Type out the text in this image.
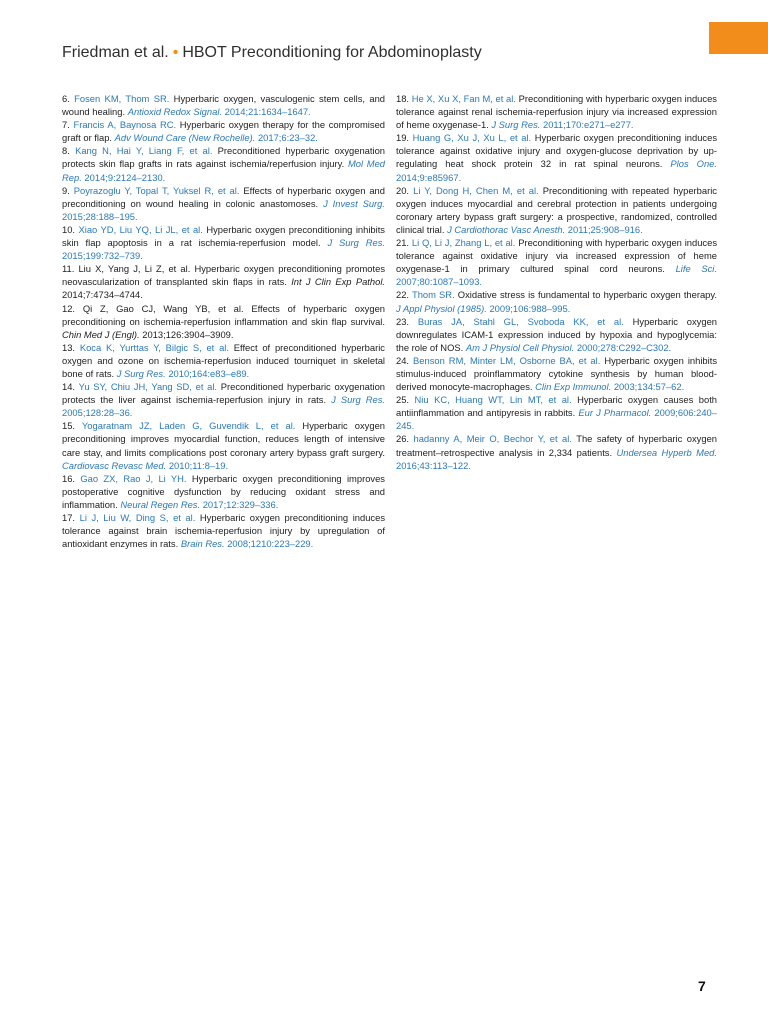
Friedman et al. • HBOT Preconditioning for Abdominoplasty

6. Fosen KM, Thom SR. Hyperbaric oxygen, vasculogenic stem cells, and wound healing. Antioxid Redox Signal. 2014;21:1634–1647.

7. Francis A, Baynosa RC. Hyperbaric oxygen therapy for the compromised graft or flap. Adv Wound Care (New Rochelle). 2017;6:23–32.

8. Kang N, Hai Y, Liang F, et al. Preconditioned hyperbaric oxygenation protects skin flap grafts in rats against ischemia/reperfusion injury. Mol Med Rep. 2014;9:2124–2130.

9. Poyrazoglu Y, Topal T, Yuksel R, et al. Effects of hyperbaric oxygen and preconditioning on wound healing in colonic anastomoses. J Invest Surg. 2015;28:188–195.

10. Xiao YD, Liu YQ, Li JL, et al. Hyperbaric oxygen preconditioning inhibits skin flap apoptosis in a rat ischemia-reperfusion model. J Surg Res. 2015;199:732–739.

11. Liu X, Yang J, Li Z, et al. Hyperbaric oxygen preconditioning promotes neovascularization of transplanted skin flaps in rats. Int J Clin Exp Pathol. 2014;7:4734–4744.

12. Qi Z, Gao CJ, Wang YB, et al. Effects of hyperbaric oxygen preconditioning on ischemia-reperfusion inflammation and skin flap survival. Chin Med J (Engl). 2013;126:3904–3909.

13. Koca K, Yurttas Y, Bilgic S, et al. Effect of preconditioned hyperbaric oxygen and ozone on ischemia-reperfusion induced tourniquet in skeletal bone of rats. J Surg Res. 2010;164:e83–e89.

14. Yu SY, Chiu JH, Yang SD, et al. Preconditioned hyperbaric oxygenation protects the liver against ischemia-reperfusion injury in rats. J Surg Res. 2005;128:28–36.

15. Yogaratnam JZ, Laden G, Guvendik L, et al. Hyperbaric oxygen preconditioning improves myocardial function, reduces length of intensive care stay, and limits complications post coronary artery bypass graft surgery. Cardiovasc Revasc Med. 2010;11:8–19.

16. Gao ZX, Rao J, Li YH. Hyperbaric oxygen preconditioning improves postoperative cognitive dysfunction by reducing oxidant stress and inflammation. Neural Regen Res. 2017;12:329–336.

17. Li J, Liu W, Ding S, et al. Hyperbaric oxygen preconditioning induces tolerance against brain ischemia-reperfusion injury by upregulation of antioxidant enzymes in rats. Brain Res. 2008;1210:223–229.

18. He X, Xu X, Fan M, et al. Preconditioning with hyperbaric oxygen induces tolerance against renal ischemia-reperfusion injury via increased expression of heme oxygenase-1. J Surg Res. 2011;170:e271–e277.

19. Huang G, Xu J, Xu L, et al. Hyperbaric oxygen preconditioning induces tolerance against oxidative injury and oxygen-glucose deprivation by up-regulating heat shock protein 32 in rat spinal neurons. Plos One. 2014;9:e85967.

20. Li Y, Dong H, Chen M, et al. Preconditioning with repeated hyperbaric oxygen induces myocardial and cerebral protection in patients undergoing coronary artery bypass graft surgery: a prospective, randomized, controlled clinical trial. J Cardiothorac Vasc Anesth. 2011;25:908–916.

21. Li Q, Li J, Zhang L, et al. Preconditioning with hyperbaric oxygen induces tolerance against oxidative injury via increased expression of heme oxygenase-1 in primary cultured spinal cord neurons. Life Sci. 2007;80:1087–1093.

22. Thom SR. Oxidative stress is fundamental to hyperbaric oxygen therapy. J Appl Physiol (1985). 2009;106:988–995.

23. Buras JA, Stahl GL, Svoboda KK, et al. Hyperbaric oxygen downregulates ICAM-1 expression induced by hypoxia and hypoglycemia: the role of NOS. Am J Physiol Cell Physiol. 2000;278:C292–C302.

24. Benson RM, Minter LM, Osborne BA, et al. Hyperbaric oxygen inhibits stimulus-induced proinflammatory cytokine synthesis by human blood-derived monocyte-macrophages. Clin Exp Immunol. 2003;134:57–62.

25. Niu KC, Huang WT, Lin MT, et al. Hyperbaric oxygen causes both antiinflammation and antipyresis in rabbits. Eur J Pharmacol. 2009;606:240–245.

26. hadanny A, Meir O, Bechor Y, et al. The safety of hyperbaric oxygen treatment–retrospective analysis in 2,334 patients. Undersea Hyperb Med. 2016;43:113–122.

7
